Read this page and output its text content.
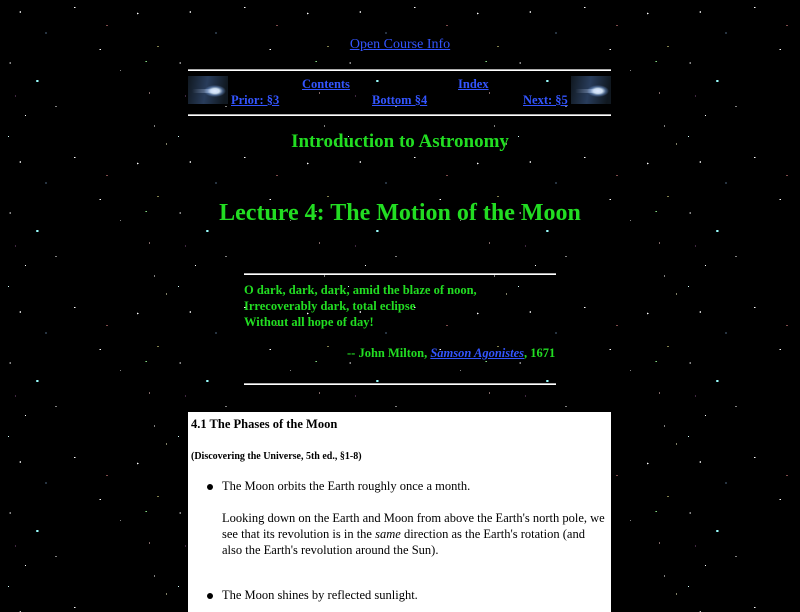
Open Course Info
Contents	Index
Prior: §3	Bottom §4	Next: §5
Introduction to Astronomy
Lecture 4: The Motion of the Moon
O dark, dark, dark, amid the blaze of noon,
Irrecoverably dark, total eclipse
Without all hope of day!
-- John Milton, Samson Agonistes, 1671
4.1 The Phases of the Moon
(Discovering the Universe, 5th ed., §1-8)
The Moon orbits the Earth roughly once a month.
Looking down on the Earth and Moon from above the Earth's north pole, we see that its revolution is in the same direction as the Earth's rotation (and also the Earth's revolution around the Sun).
The Moon shines by reflected sunlight.
